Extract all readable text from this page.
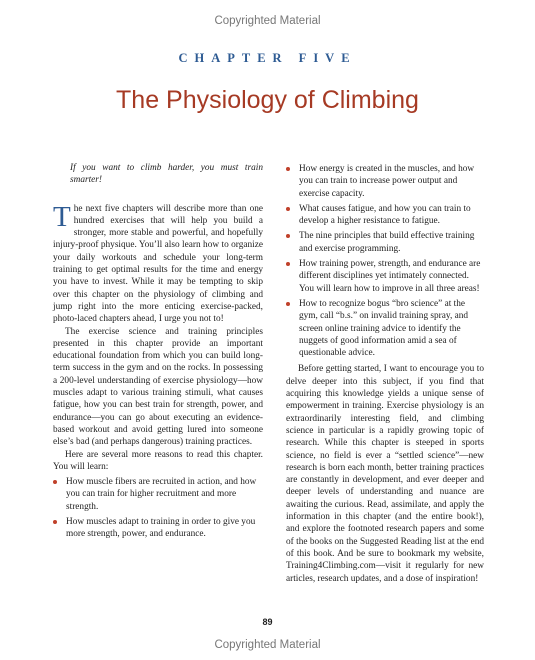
Copyrighted Material
CHAPTER FIVE
The Physiology of Climbing

If you want to climb harder, you must train smarter!

The next five chapters will describe more than one hundred exercises that will help you build a stronger, more stable and powerful, and hopefully injury-proof physique. You’ll also learn how to organize your daily workouts and schedule your long-term training to get optimal results for the time and energy you have to invest. While it may be tempting to skip over this chapter on the physiology of climbing and jump right into the more enticing exercise-packed, photo-laced chapters ahead, I urge you not to!

The exercise science and training principles presented in this chapter provide an important educational foundation from which you can build long-term success in the gym and on the rocks. In possessing a 200-level understanding of exercise physiology—how muscles adapt to various training stimuli, what causes fatigue, how you can best train for strength, power, and endurance—you can go about executing an evidence-based workout and avoid getting lured into someone else’s bad (and perhaps dangerous) training practices.

Here are several more reasons to read this chapter. You will learn:

How muscle fibers are recruited in action, and how you can train for higher recruitment and more strength.
How muscles adapt to training in order to give you more strength, power, and endurance.
How energy is created in the muscles, and how you can train to increase power output and exercise capacity.
What causes fatigue, and how you can train to develop a higher resistance to fatigue.
The nine principles that build effective training and exercise programming.
How training power, strength, and endurance are different disciplines yet intimately connected. You will learn how to improve in all three areas!
How to recognize bogus “bro science” at the gym, call “b.s.” on invalid training spray, and screen online training advice to identify the nuggets of good information amid a sea of questionable advice.

Before getting started, I want to encourage you to delve deeper into this subject, if you find that acquiring this knowledge yields a unique sense of empowerment in training. Exercise physiology is an extraordinarily interesting field, and climbing science in particular is a rapidly growing topic of research. While this chapter is steeped in sports science, no field is ever a “settled science”—new research is born each month, better training practices are constantly in development, and ever deeper and deeper levels of understanding and nuance are awaiting the curious. Read, assimilate, and apply the information in this chapter (and the entire book!), and explore the footnoted research papers and some of the books on the Suggested Reading list at the end of this book. And be sure to bookmark my website, Training4Climbing.com—visit it regularly for new articles, research updates, and a dose of inspiration!

89
Copyrighted Material
